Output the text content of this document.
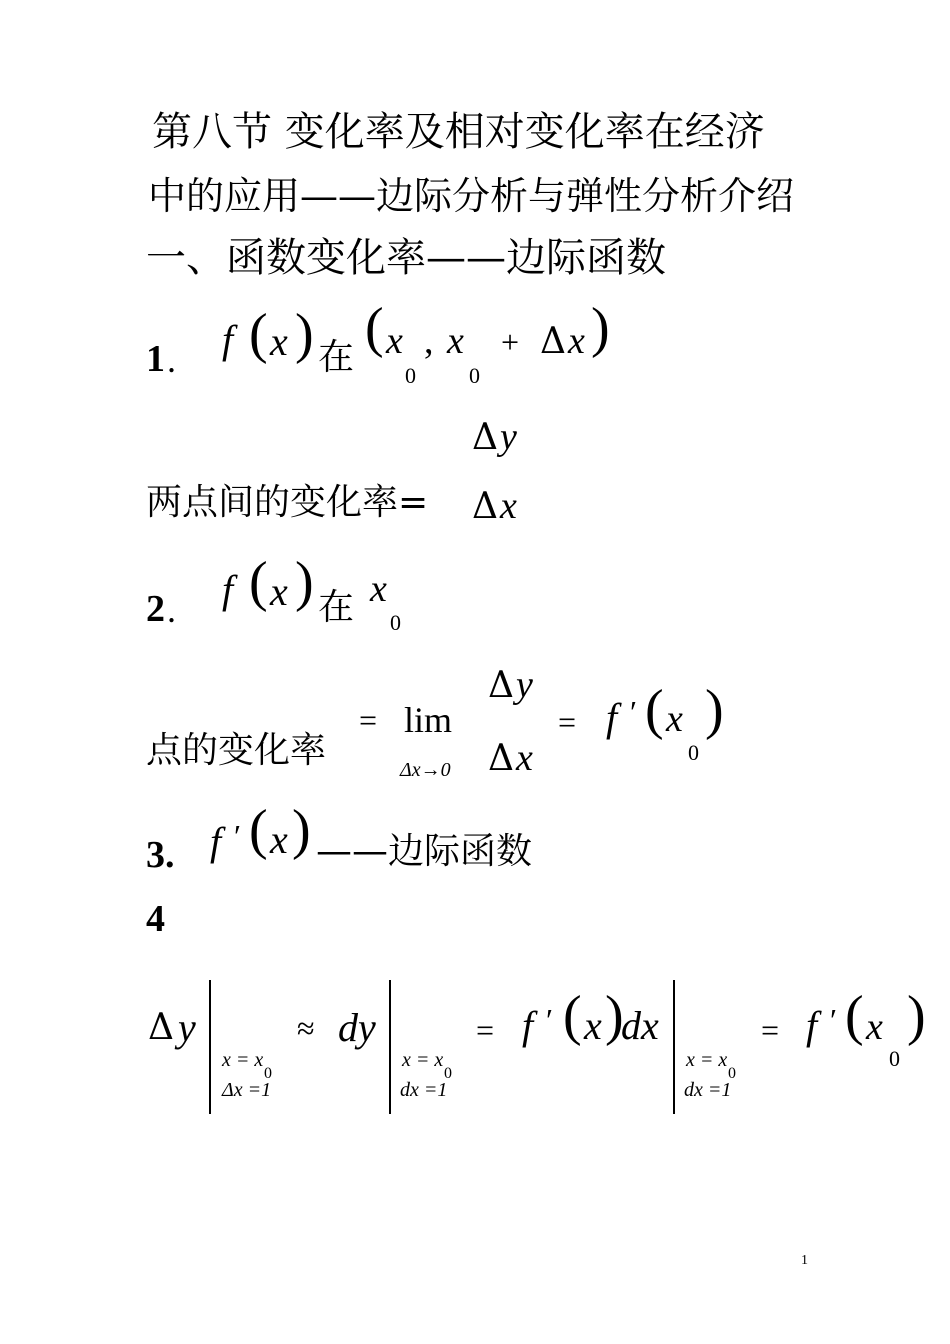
第八节 变化率及相对变化率在经济
中的应用——边际分析与弹性分析介绍
一、函数变化率——边际函数
1 . f ( x ) 在 ( x
0
, x
0
+ Δ x )
Δ y
两点间的变化率= Δ x
2 . f ( x ) 在 x
0
Δ y
= lim	= f ′ ( x
0
)
点的变化率	Δx→0 Δ x
3. f ′ ( x ) ——边际函数
4
Δ y
x = x
0
Δx =1
≈ dy
x = x
0
dx =1
= f ′ ( x )
dx
x = x
0
dx =1
= f ′ ( x
0
)
1
